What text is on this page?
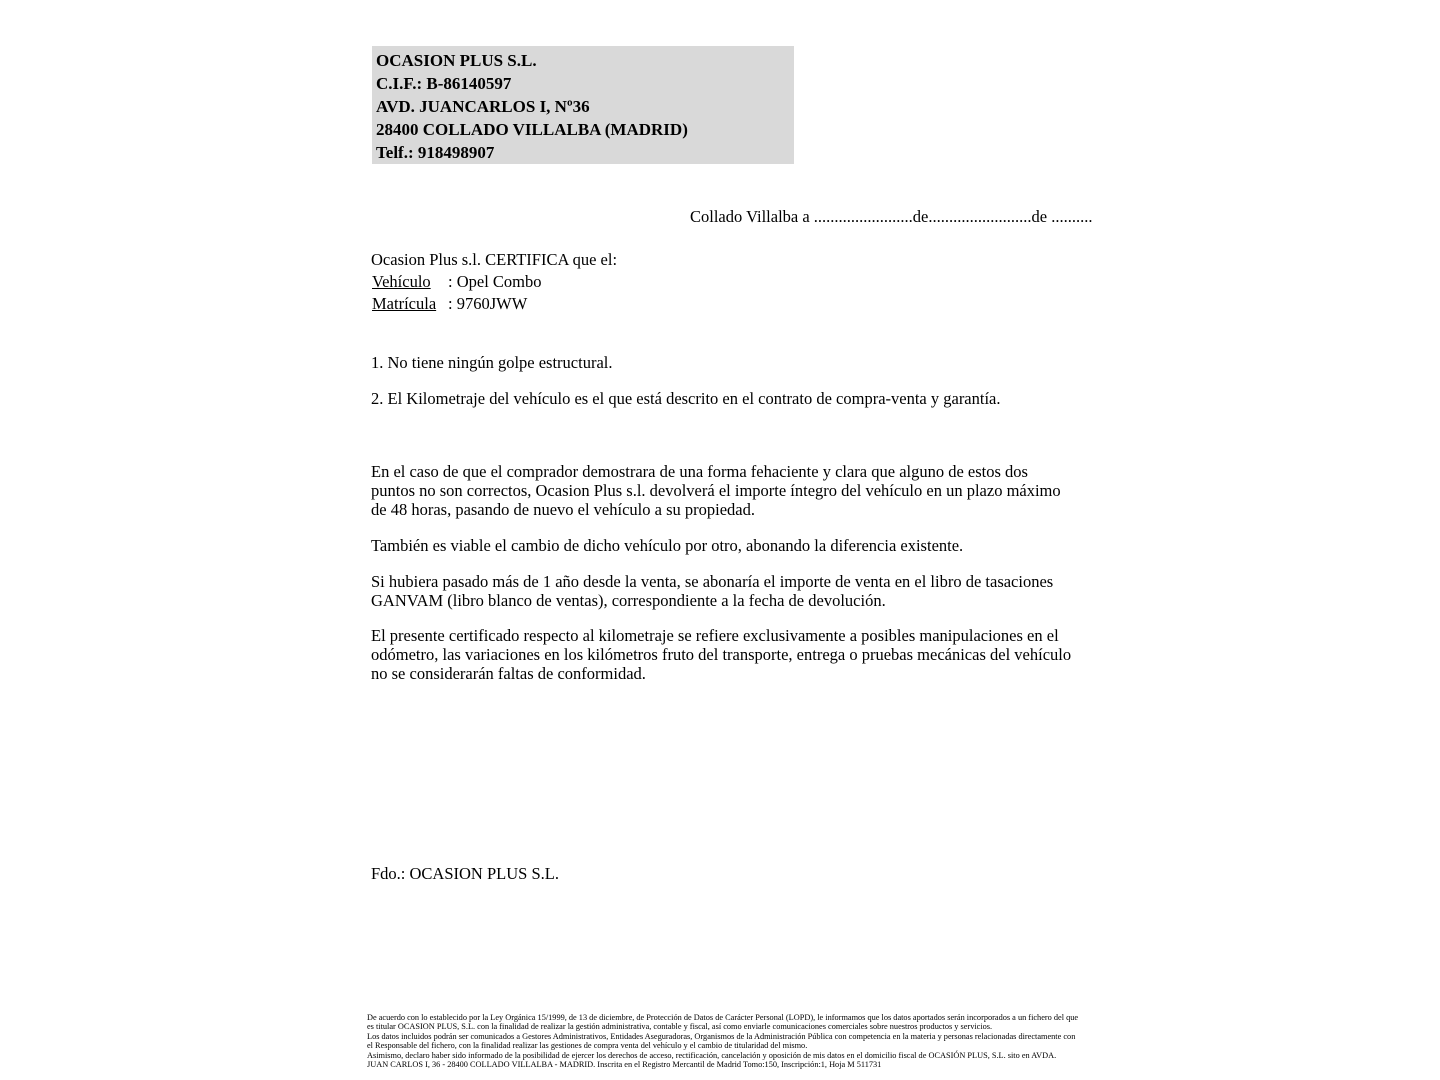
OCASION PLUS S.L.
C.I.F.: B-86140597
AVD. JUANCARLOS I, Nº36
28400 COLLADO VILLALBA (MADRID)
Telf.: 918498907
Collado Villalba a ........................de.........................de ..........
Ocasion Plus s.l. CERTIFICA que el:
Vehículo : Opel Combo
Matrícula : 9760JWW
1. No tiene ningún golpe estructural.
2. El Kilometraje del vehículo es el que está descrito en el contrato de compra-venta y garantía.
En el caso de que el comprador demostrara de una forma fehaciente y clara que alguno de estos dos puntos no son correctos, Ocasion Plus s.l. devolverá el importe íntegro del vehículo en un plazo máximo de 48 horas, pasando de nuevo el vehículo a su propiedad.
También es viable el cambio de dicho vehículo por otro, abonando la diferencia existente.
Si hubiera pasado más de 1 año desde la venta, se abonaría el importe de venta en el libro de tasaciones GANVAM (libro blanco de ventas), correspondiente a la fecha de devolución.
El presente certificado respecto al kilometraje se refiere exclusivamente a posibles manipulaciones en el odómetro, las variaciones en los kilómetros fruto del transporte, entrega o pruebas mecánicas del vehículo no se considerarán faltas de conformidad.
Fdo.: OCASION PLUS S.L.
De acuerdo con lo establecido por la Ley Orgánica 15/1999, de 13 de diciembre, de Protección de Datos de Carácter Personal (LOPD), le informamos que los datos aportados serán incorporados a un fichero del que es titular OCASION PLUS, S.L. con la finalidad de realizar la gestión administrativa, contable y fiscal, así como enviarle comunicaciones comerciales sobre nuestros productos y servicios.
Los datos incluidos podrán ser comunicados a Gestores Administrativos, Entidades Aseguradoras, Organismos de la Administración Pública con competencia en la materia y personas relacionadas directamente con el Responsable del fichero, con la finalidad realizar las gestiones de compra venta del vehículo y el cambio de titularidad del mismo.
Asimismo, declaro haber sido informado de la posibilidad de ejercer los derechos de acceso, rectificación, cancelación y oposición de mis datos en el domicilio fiscal de OCASIÓN PLUS, S.L. sito en AVDA. JUAN CARLOS I, 36 - 28400 COLLADO VILLALBA - MADRID. Inscrita en el Registro Mercantil de Madrid Tomo:150, Inscripción:1, Hoja M 511731
